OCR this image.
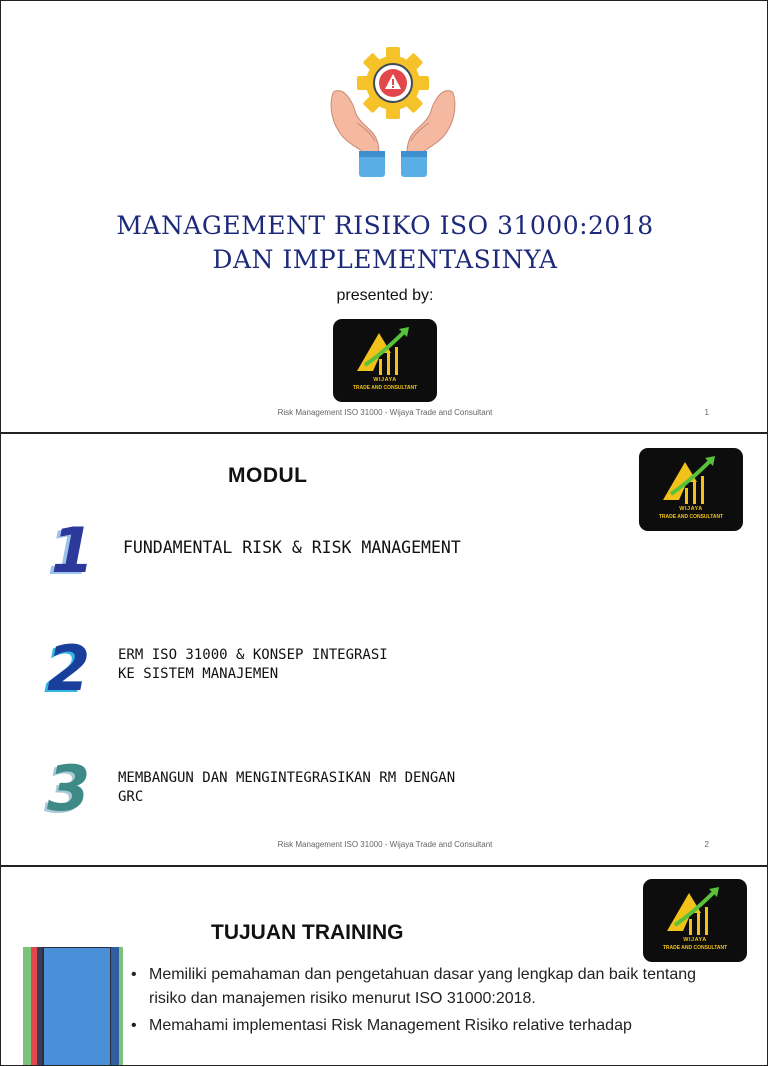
MANAGEMENT RISIKO ISO 31000:2018
DAN IMPLEMENTASINYA
presented by:
WIJAYA
TRADE AND CONSULTANT
Risk Management ISO 31000 - Wijaya Trade and Consultant	1
MODUL
WIJAYA
TRADE AND CONSULTANT
1 FUNDAMENTAL RISK & RISK MANAGEMENT
2 ERM ISO 31000 & KONSEP INTEGRASI
KE SISTEM MANAJEMEN
3 MEMBANGUN DAN MENGINTEGRASIKAN RM DENGAN
GRC
Risk Management ISO 31000 - Wijaya Trade and Consultant	2
TUJUAN TRAINING	WIJAYA
TRADE AND CONSULTANT
• Memiliki pemahaman dan pengetahuan dasar yang lengkap dan baik tentang risiko dan manajemen risiko menurut ISO 31000:2018.
• Memahami implementasi Risk Management Risiko relative terhadap
